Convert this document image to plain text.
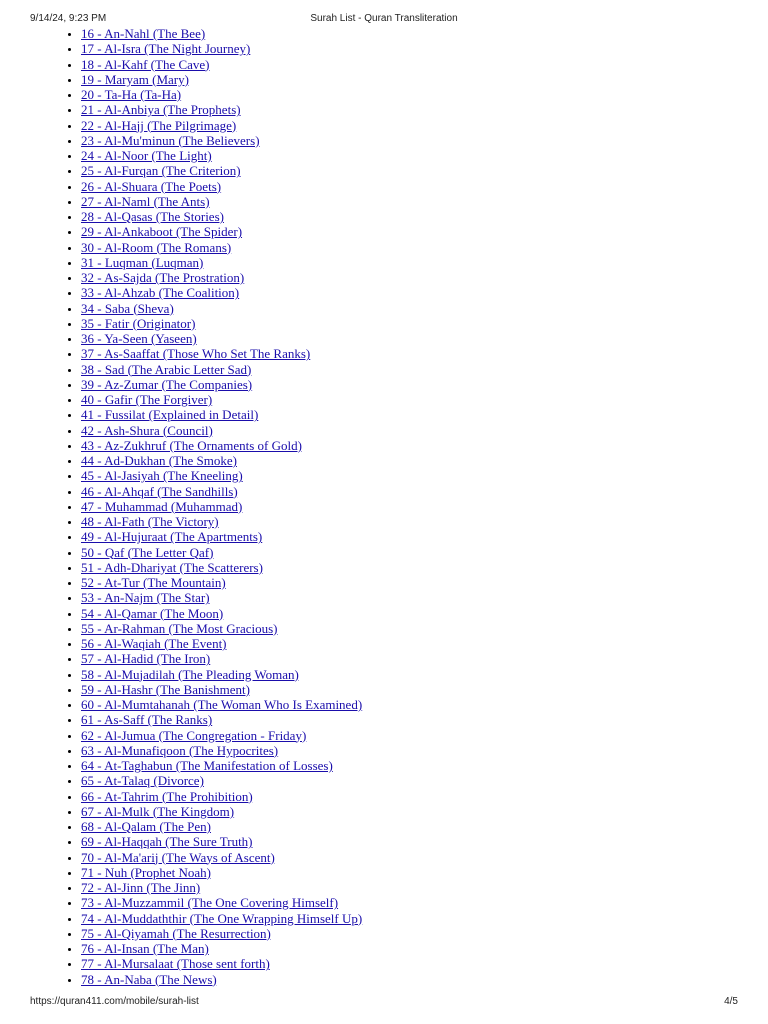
9/14/24, 9:23 PM	Surah List - Quran Transliteration
• 16 - An-Nahl (The Bee)
• 17 - Al-Isra (The Night Journey)
• 18 - Al-Kahf (The Cave)
• 19 - Maryam (Mary)
• 20 - Ta-Ha (Ta-Ha)
• 21 - Al-Anbiya (The Prophets)
• 22 - Al-Hajj (The Pilgrimage)
• 23 - Al-Mu'minun (The Believers)
• 24 - Al-Noor (The Light)
• 25 - Al-Furqan (The Criterion)
• 26 - Al-Shuara (The Poets)
• 27 - Al-Naml (The Ants)
• 28 - Al-Qasas (The Stories)
• 29 - Al-Ankaboot (The Spider)
• 30 - Al-Room (The Romans)
• 31 - Luqman (Luqman)
• 32 - As-Sajda (The Prostration)
• 33 - Al-Ahzab (The Coalition)
• 34 - Saba (Sheva)
• 35 - Fatir (Originator)
• 36 - Ya-Seen (Yaseen)
• 37 - As-Saaffat (Those Who Set The Ranks)
• 38 - Sad (The Arabic Letter Sad)
• 39 - Az-Zumar (The Companies)
• 40 - Gafir (The Forgiver)
• 41 - Fussilat (Explained in Detail)
• 42 - Ash-Shura (Council)
• 43 - Az-Zukhruf (The Ornaments of Gold)
• 44 - Ad-Dukhan (The Smoke)
• 45 - Al-Jasiyah (The Kneeling)
• 46 - Al-Ahqaf (The Sandhills)
• 47 - Muhammad (Muhammad)
• 48 - Al-Fath (The Victory)
• 49 - Al-Hujuraat (The Apartments)
• 50 - Qaf (The Letter Qaf)
• 51 - Adh-Dhariyat (The Scatterers)
• 52 - At-Tur (The Mountain)
• 53 - An-Najm (The Star)
• 54 - Al-Qamar (The Moon)
• 55 - Ar-Rahman (The Most Gracious)
• 56 - Al-Waqiah (The Event)
• 57 - Al-Hadid (The Iron)
• 58 - Al-Mujadilah (The Pleading Woman)
• 59 - Al-Hashr (The Banishment)
• 60 - Al-Mumtahanah (The Woman Who Is Examined)
• 61 - As-Saff (The Ranks)
• 62 - Al-Jumua (The Congregation - Friday)
• 63 - Al-Munafiqoon (The Hypocrites)
• 64 - At-Taghabun (The Manifestation of Losses)
• 65 - At-Talaq (Divorce)
• 66 - At-Tahrim (The Prohibition)
• 67 - Al-Mulk (The Kingdom)
• 68 - Al-Qalam (The Pen)
• 69 - Al-Haqqah (The Sure Truth)
• 70 - Al-Ma'arij (The Ways of Ascent)
• 71 - Nuh (Prophet Noah)
• 72 - Al-Jinn (The Jinn)
• 73 - Al-Muzzammil (The One Covering Himself)
• 74 - Al-Muddaththir (The One Wrapping Himself Up)
• 75 - Al-Qiyamah (The Resurrection)
• 76 - Al-Insan (The Man)
• 77 - Al-Mursalaat (Those sent forth)
• 78 - An-Naba (The News)
https://quran411.com/mobile/surah-list	4/5
